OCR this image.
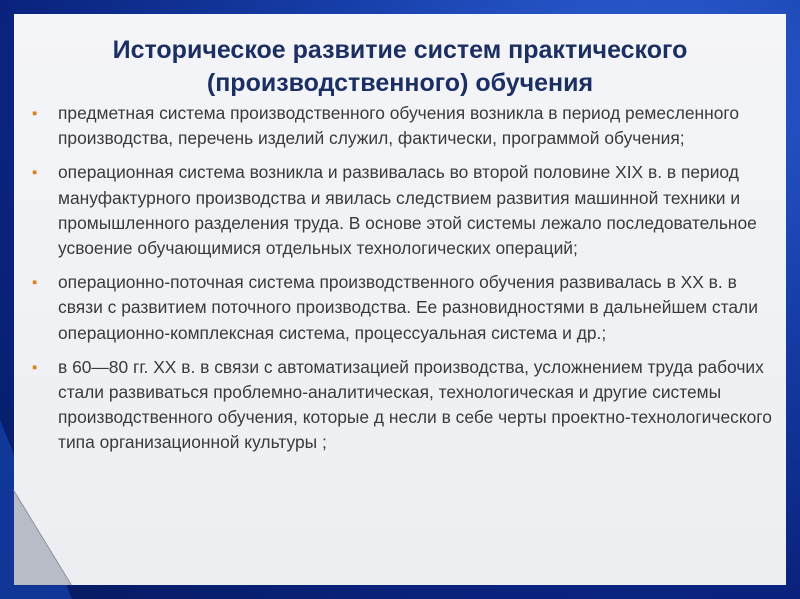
Историческое развитие систем практического (производственного) обучения
▪ предметная система производственного обучения возникла в период ремесленного производства, перечень изделий служил, фактически, программой обучения;
▪ операционная система возникла и развивалась во второй половине XIX в. в период мануфактурного производства и явилась следствием развития машинной техники и промышленного разделения труда. В основе этой системы лежало последовательное усвоение обучающимися отдельных технологических операций;
▪ операционно-поточная система производственного обучения развивалась в XX в. в связи с развитием поточного производства. Ее разновидностями в дальнейшем стали операционно-комплексная система, процессуальная система и др.;
▪ в 60—80 гг. XX в. в связи с автоматизацией производства, усложнением труда рабочих стали развиваться проблемно-аналитическая, технологическая и другие системы производственного обучения, которые д несли в себе черты проектно-технологического типа организационной культуры ;
